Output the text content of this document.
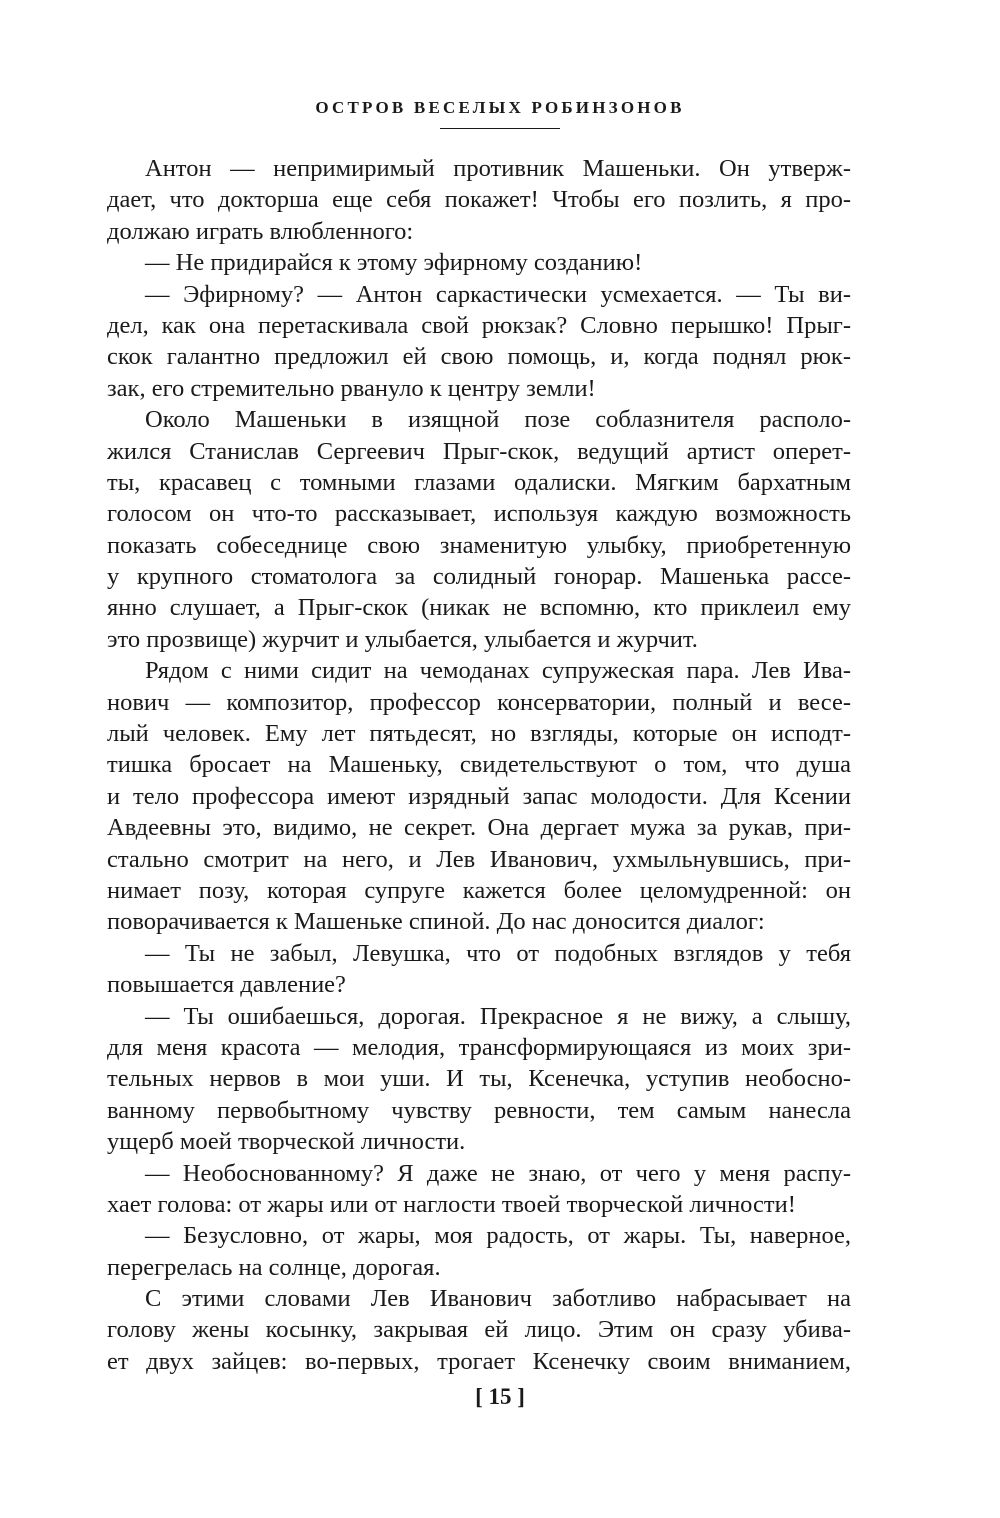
ОСТРОВ ВЕСЕЛЫХ РОБИНЗОНОВ
Антон — непримиримый противник Машеньки. Он утверж-
дает, что докторша еще себя покажет! Чтобы его позлить, я про-
должаю играть влюбленного:
— Не придирайся к этому эфирному созданию!
— Эфирному? — Антон саркастически усмехается. — Ты ви-
дел, как она перетаскивала свой рюкзак? Словно перышко! Прыг-
скок галантно предложил ей свою помощь, и, когда поднял рюк-
зак, его стремительно рвануло к центру земли!
Около Машеньки в изящной позе соблазнителя располо-
жился Станислав Сергеевич Прыг-скок, ведущий артист оперет-
ты, красавец с томными глазами одалиски. Мягким бархатным
голосом он что-то рассказывает, используя каждую возможность
показать собеседнице свою знаменитую улыбку, приобретенную
у крупного стоматолога за солидный гонорар. Машенька рассе-
янно слушает, а Прыг-скок (никак не вспомню, кто приклеил ему
это прозвище) журчит и улыбается, улыбается и журчит.
Рядом с ними сидит на чемоданах супружеская пара. Лев Ива-
нович — композитор, профессор консерватории, полный и весе-
лый человек. Ему лет пятьдесят, но взгляды, которые он исподт-
тишка бросает на Машеньку, свидетельствуют о том, что душа
и тело профессора имеют изрядный запас молодости. Для Ксении
Авдеевны это, видимо, не секрет. Она дергает мужа за рукав, при-
стально смотрит на него, и Лев Иванович, ухмыльнувшись, при-
нимает позу, которая супруге кажется более целомудренной: он
поворачивается к Машеньке спиной. До нас доносится диалог:
— Ты не забыл, Левушка, что от подобных взглядов у тебя
повышается давление?
— Ты ошибаешься, дорогая. Прекрасное я не вижу, а слышу,
для меня красота — мелодия, трансформирующаяся из моих зри-
тельных нервов в мои уши. И ты, Ксенечка, уступив необосно-
ванному первобытному чувству ревности, тем самым нанесла
ущерб моей творческой личности.
— Необоснованному? Я даже не знаю, от чего у меня распу-
хает голова: от жары или от наглости твоей творческой личности!
— Безусловно, от жары, моя радость, от жары. Ты, наверное,
перегрелась на солнце, дорогая.
С этими словами Лев Иванович заботливо набрасывает на
голову жены косынку, закрывая ей лицо. Этим он сразу убива-
ет двух зайцев: во-первых, трогает Ксенечку своим вниманием,
[ 15 ]
